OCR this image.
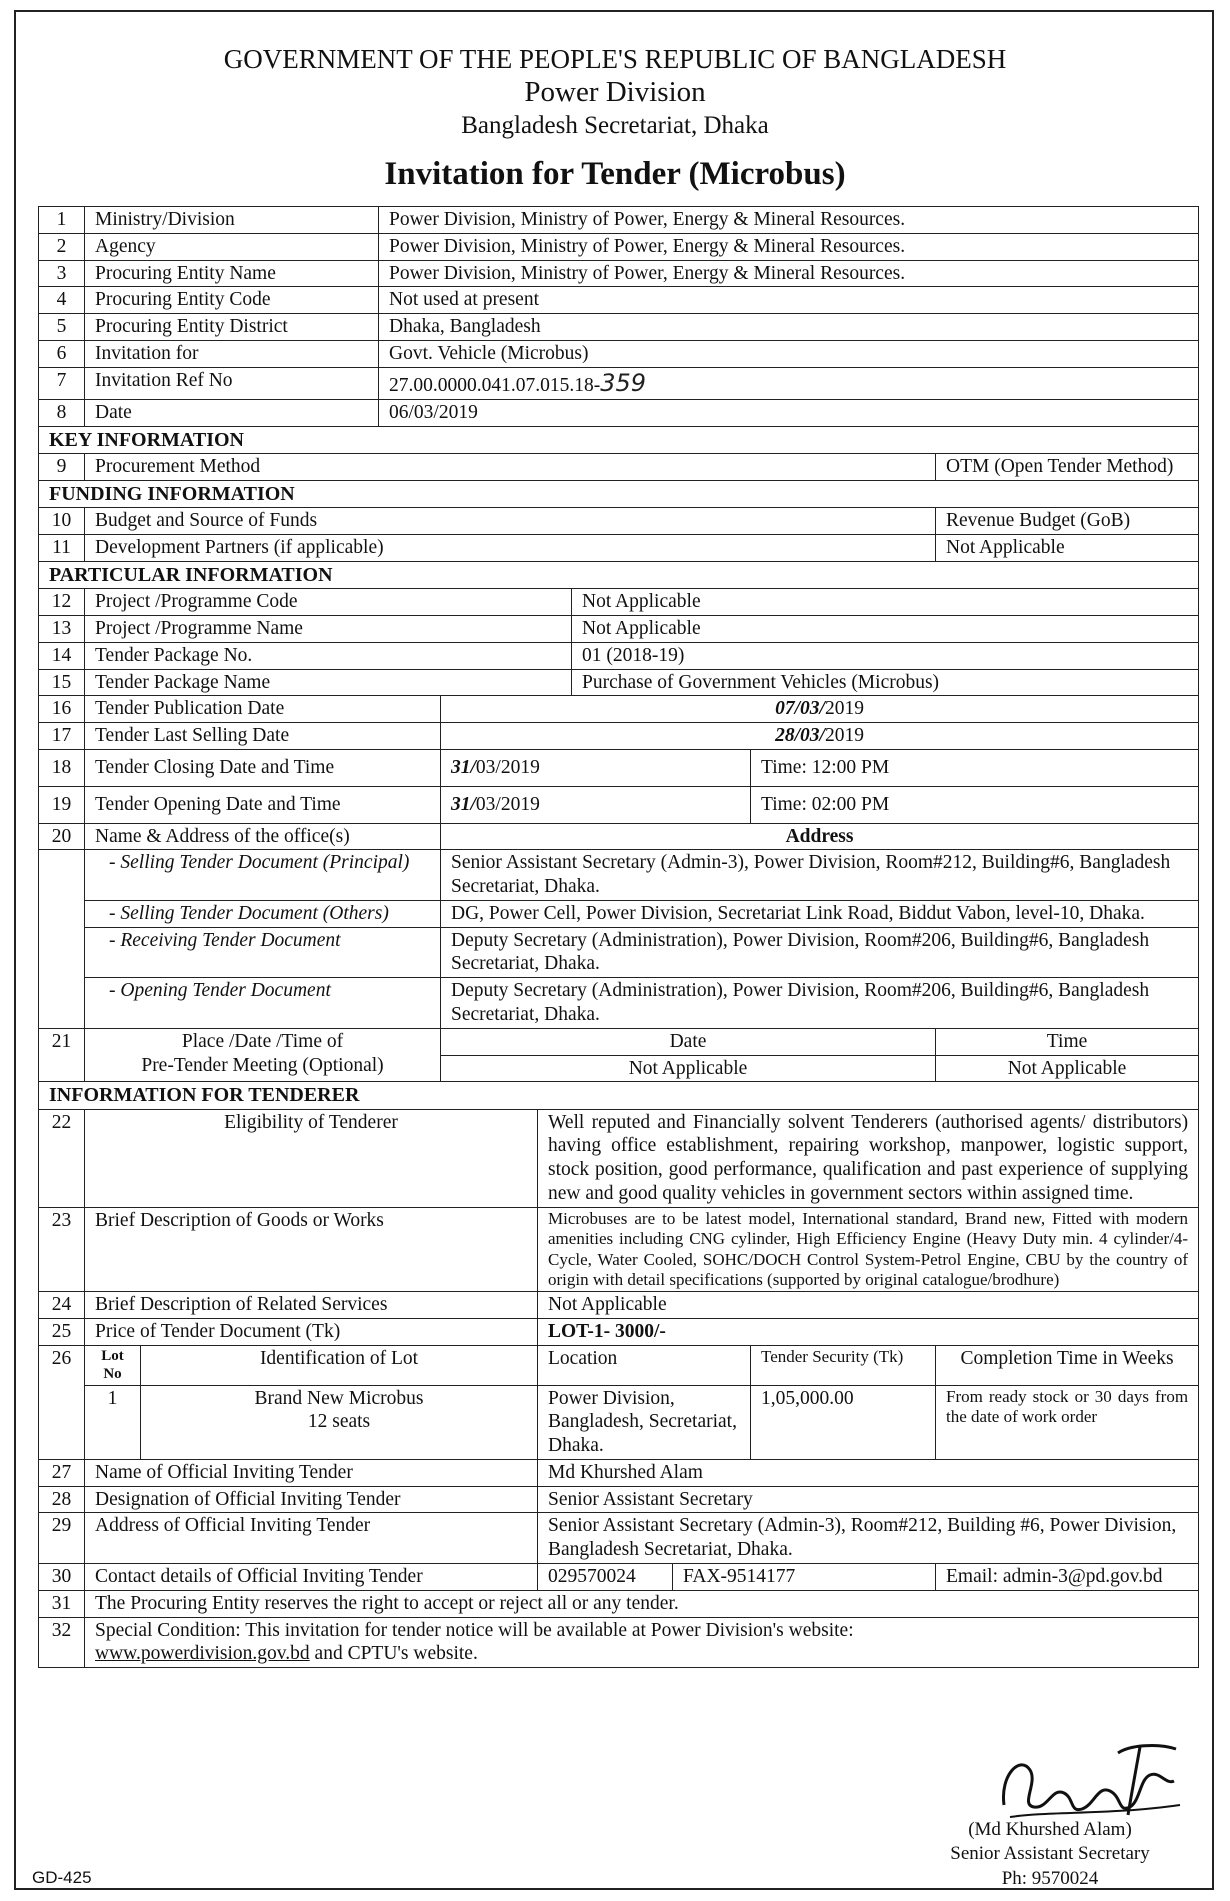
GOVERNMENT OF THE PEOPLE'S REPUBLIC OF BANGLADESH
Power Division
Bangladesh Secretariat, Dhaka
Invitation for Tender (Microbus)
1	Ministry/Division		Power Division, Ministry of Power, Energy & Mineral Resources.						
2	Agency		Power Division, Ministry of Power, Energy & Mineral Resources.						
3	Procuring Entity Name		Power Division, Ministry of Power, Energy & Mineral Resources.						
4	Procuring Entity Code		Not used at present						
5	Procuring Entity District		Dhaka, Bangladesh						
6	Invitation for		Govt. Vehicle (Microbus)						
7	Invitation Ref No		27.00.0000.041.07.015.18-359						
8	Date		06/03/2019						
KEY INFORMATION									
9	Procurement Method								OTM (Open Tender Method)
FUNDING INFORMATION									
10	Budget and Source of Funds								Revenue Budget (GoB)
11	Development Partners (if applicable)								Not Applicable
PARTICULAR INFORMATION									
12	Project /Programme Code					Not Applicable			
13	Project /Programme Name					Not Applicable			
14	Tender Package No.					01 (2018-19)			
15	Tender Package Name					Purchase of Government Vehicles (Microbus)			
16	Tender Publication Date			07/03/2019					
17	Tender Last Selling Date			28/03/2019					
18	Tender Closing Date and Time			31/03/2019				Time: 12:00 PM	
19	Tender Opening Date and Time			31/03/2019				Time: 02:00 PM	
20	Name & Address of the office(s)			Address					
	- Selling Tender Document (Principal)			Senior Assistant Secretary (Admin-3), Power Division, Room#212, Building#6, Bangladesh Secretariat, Dhaka.					
	- Selling Tender Document (Others)			DG, Power Cell, Power Division, Secretariat Link Road, Biddut Vabon, level-10, Dhaka.					
	- Receiving Tender Document			Deputy Secretary (Administration), Power Division, Room#206, Building#6, Bangladesh Secretariat, Dhaka.					
	- Opening Tender Document			Deputy Secretary (Administration), Power Division, Room#206, Building#6, Bangladesh Secretariat, Dhaka.					
21	Place /Date /Time of
Pre-Tender Meeting (Optional)			Date					Time
				Not Applicable					Not Applicable
INFORMATION FOR TENDERER									
22	Eligibility of Tenderer				Well reputed and Financially solvent Tenderers (authorised agents/ distributors) having office establishment, repairing workshop, manpower, logistic support, stock position, good performance, qualification and past experience of supplying new and good quality vehicles in government sectors within assigned time.				
23	Brief Description of Goods or Works				Microbuses are to be latest model, International standard, Brand new, Fitted with modern amenities including CNG cylinder, High Efficiency Engine (Heavy Duty min. 4 cylinder/4-Cycle, Water Cooled, SOHC/DOCH Control System-Petrol Engine, CBU by the country of origin with detail specifications (supported by original catalogue/brodhure)				
24	Brief Description of Related Services				Not Applicable				
25	Price of Tender Document (Tk)				LOT-1- 3000/-				
26	Lot No	Identification of Lot			Location			Tender Security (Tk)	Completion Time in Weeks
	1	Brand New Microbus
12 seats			Power Division, Bangladesh, Secretariat, Dhaka.			1,05,000.00	From ready stock or 30 days from the date of work order
27	Name of Official Inviting Tender				Md Khurshed Alam				
28	Designation of Official Inviting Tender				Senior Assistant Secretary				
29	Address of Official Inviting Tender				Senior Assistant Secretary (Admin-3), Room#212, Building #6, Power Division, Bangladesh Secretariat, Dhaka.				
30	Contact details of Official Inviting Tender				029570024		FAX-9514177		Email: admin-3@pd.gov.bd
31	The Procuring Entity reserves the right to accept or reject all or any tender.								
32	Special Condition: This invitation for tender notice will be available at Power Division's website:
www.powerdivision.gov.bd and CPTU's website.								
(Md Khurshed Alam)
Senior Assistant Secretary
Ph: 9570024
GD-425
